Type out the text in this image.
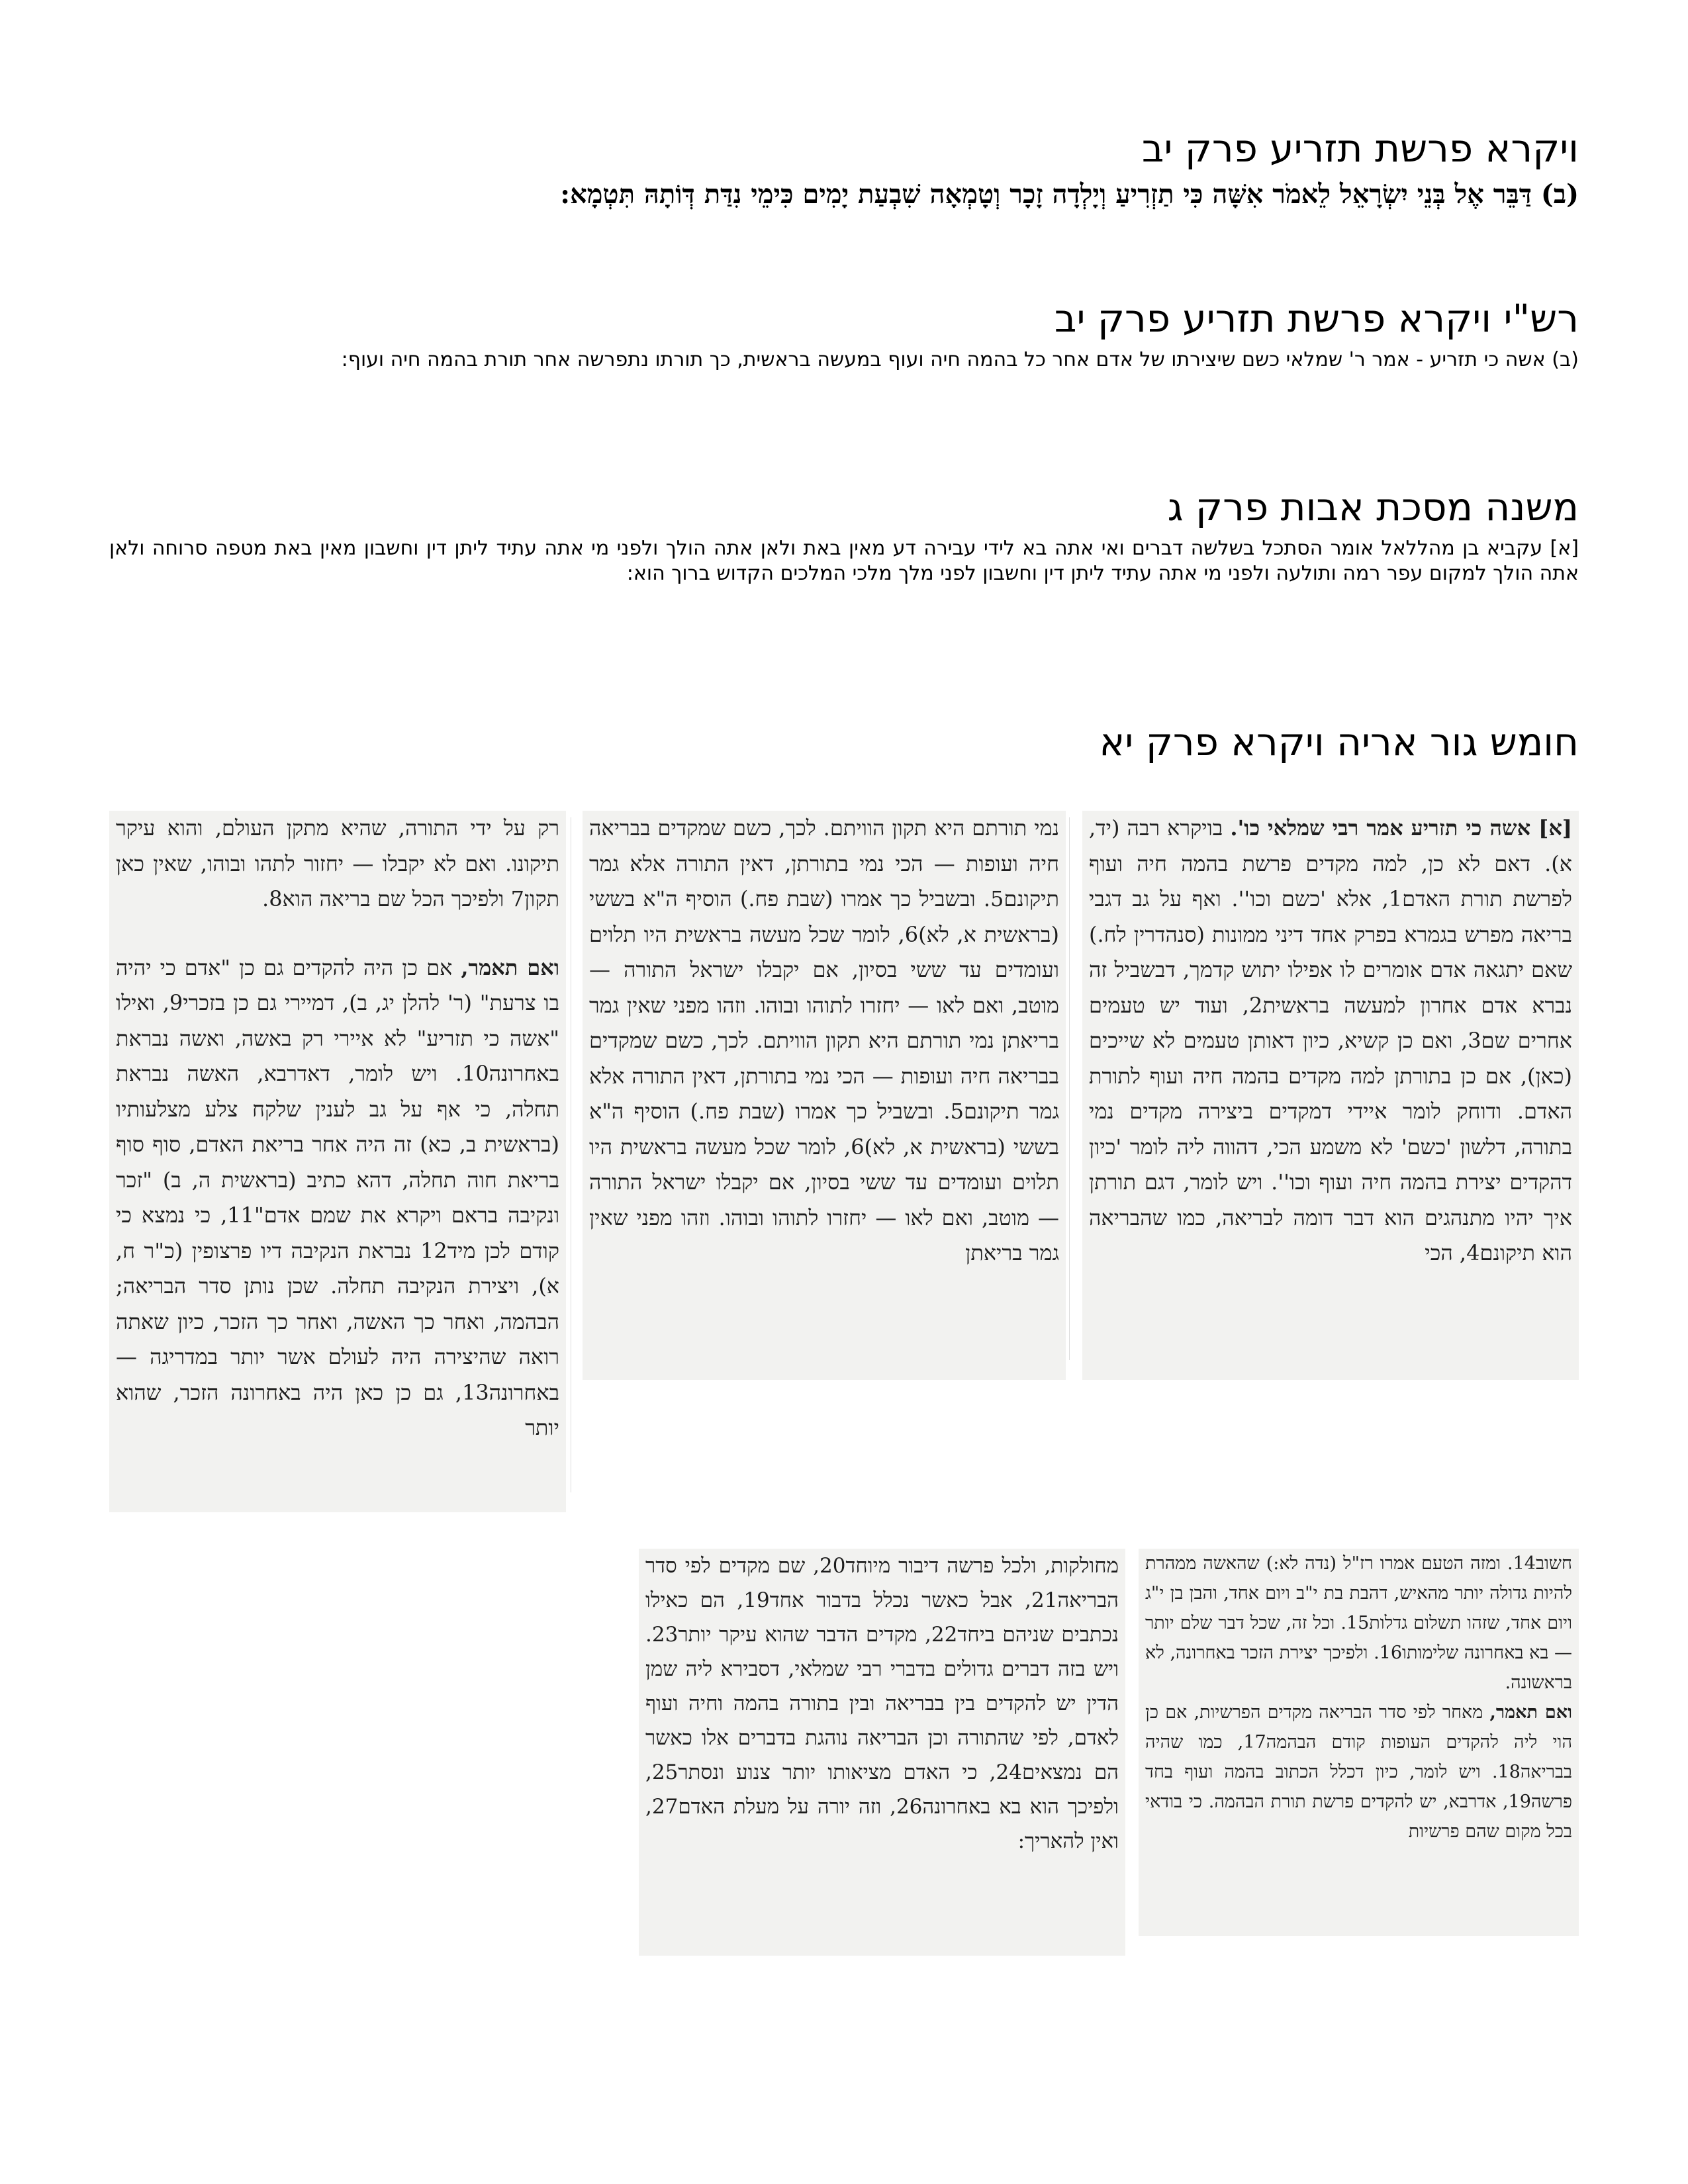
ויקרא פרשת תזריע פרק יב

(ב) דַּבֵּר אֶל בְּנֵי יִשְׂרָאֵל לֵאמֹר אִשָּׁה כִּי תַזְרִיעַ וְיָלְדָה זָכָר וְטָמְאָה שִׁבְעַת יָמִים כִּימֵי נִדַּת דְּוֹתָהּ תִּטְמָא:

רש"י ויקרא פרשת תזריע פרק יב

(ב) אשה כי תזריע - אמר ר' שמלאי כשם שיצירתו של אדם אחר כל בהמה חיה ועוף במעשה בראשית, כך תורתו נתפרשה אחר תורת בהמה חיה ועוף:

משנה מסכת אבות פרק ג

[א] עקביא בן מהללאל אומר הסתכל בשלשה דברים ואי אתה בא לידי עבירה דע מאין באת ולאן אתה הולך ולפני מי אתה עתיד ליתן דין וחשבון מאין באת מטפה סרוחה ולאן אתה הולך למקום עפר רמה ותולעה ולפני מי אתה עתיד ליתן דין וחשבון לפני מלך מלכי המלכים הקדוש ברוך הוא:

חומש גור אריה ויקרא פרק יא

[א] אשה כי תזריע אמר רבי שמלאי כו'. בויקרא רבה (יד, א). דאם לא כן, למה מקדים פרשת בהמה חיה ועוף לפרשת תורת האדם1, אלא 'כשם וכו''. ואף על גב דגבי בריאה מפרש בגמרא בפרק אחד דיני ממונות (סנהדרין לח.) שאם יתגאה אדם אומרים לו אפילו יתוש קדמך, דבשביל זה נברא אדם אחרון למעשה בראשית2, ועוד יש טעמים אחרים שם3, ואם כן קשיא, כיון דאותן טעמים לא שייכים (כאן), אם כן בתורתן למה מקדים בהמה חיה ועוף לתורת האדם. ודוחק לומר איידי דמקדים ביצירה מקדים נמי בתורה, דלשון 'כשם' לא משמע הכי, דהווה ליה לומר 'כיון דהקדים יצירת בהמה חיה ועוף וכו''. ויש לומר, דגם תורתן איך יהיו מתנהגים הוא דבר דומה לבריאה, כמו שהבריאה הוא תיקונם4, הכי

נמי תורתם היא תקון הוויתם. לכך, כשם שמקדים בבריאה חיה ועופות — הכי נמי בתורתן, דאין התורה אלא גמר תיקונם5. ובשביל כך אמרו (שבת פח.) הוסיף ה"א בששי (בראשית א, לא)6, לומר שכל מעשה בראשית היו תלוים ועומדים עד ששי בסיון, אם יקבלו ישראל התורה — מוטב, ואם לאו — יחזרו לתוהו ובוהו. וזהו מפני שאין גמר בריאתן נמי תורתם היא תקון הוויתם. לכך, כשם שמקדים בבריאה חיה ועופות — הכי נמי בתורתן, דאין התורה אלא גמר תיקונם5. ובשביל כך אמרו (שבת פח.) הוסיף ה"א בששי (בראשית א, לא)6, לומר שכל מעשה בראשית היו תלוים ועומדים עד ששי בסיון, אם יקבלו ישראל התורה — מוטב, ואם לאו — יחזרו לתוהו ובוהו. וזהו מפני שאין גמר בריאתן

רק על ידי התורה, שהיא מתקן העולם, והוא עיקר תיקונו. ואם לא יקבלו — יחזור לתהו ובוהו, שאין כאן תקון7 ולפיכך הכל שם בריאה הוא8.

ואם תאמר, אם כן היה להקדים גם כן "אדם כי יהיה בו צרעת" (ר' להלן יג, ב), דמיירי גם כן בזכרי9, ואילו "אשה כי תזריע" לא איירי רק באשה, ואשה נבראת באחרונה10. ויש לומר, דאדרבא, האשה נבראת תחלה, כי אף על גב לענין שלקח צלע מצלעותיו (בראשית ב, כא) זה היה אחר בריאת האדם, סוף סוף בריאת חוה תחלה, דהא כתיב (בראשית ה, ב) "זכר ונקיבה בראם ויקרא את שמם אדם"11, כי נמצא כי קודם לכן מיד12 נבראת הנקיבה דיו פרצופין (כ"ר ח, א), ויצירת הנקיבה תחלה. שכן נותן סדר הבריאה; הבהמה, ואחר כך האשה, ואחר כך הזכר, כיון שאתה רואה שהיצירה היה לעולם אשר יותר במדריגה — באחרונה13, גם כן כאן היה באחרונה הזכר, שהוא יותר

חשוב14. ומזה הטעם אמרו רז"ל (נדה לא:) שהאשה ממהרת להיות גדולה יותר מהאיש, דהבת בת י"ב ויום אחד, והבן בן י"ג ויום אחד, שזהו תשלום גדלות15. וכל זה, שכל דבר שלם יותר — בא באחרונה שלימותו16. ולפיכך יצירת הזכר באחרונה, לא בראשונה.

ואם תאמר, מאחר לפי סדר הבריאה מקדים הפרשיות, אם כן הוי ליה להקדים העופות קודם הבהמה17, כמו שהיה בבריאה18. ויש לומר, כיון דכלל הכתוב בהמה ועוף בחד פרשה19, אדרבא, יש להקדים פרשת תורת הבהמה. כי בודאי בכל מקום שהם פרשיות

מחולקות, ולכל פרשה דיבור מיוחד20, שם מקדים לפי סדר הבריאה21, אבל כאשר נכלל בדבור אחד19, הם כאילו נכתבים שניהם ביחד22, מקדים הדבר שהוא עיקר יותר23. ויש בזה דברים גדולים בדברי רבי שמלאי, דסבירא ליה שמן הדין יש להקדים בין בבריאה ובין בתורה בהמה וחיה ועוף לאדם, לפי שהתורה וכן הבריאה נוהגת בדברים אלו כאשר הם נמצאים24, כי האדם מציאותו יותר צנוע ונסתר25, ולפיכך הוא בא באחרונה26, וזה יורה על מעלת האדם27, ואין להאריך:
